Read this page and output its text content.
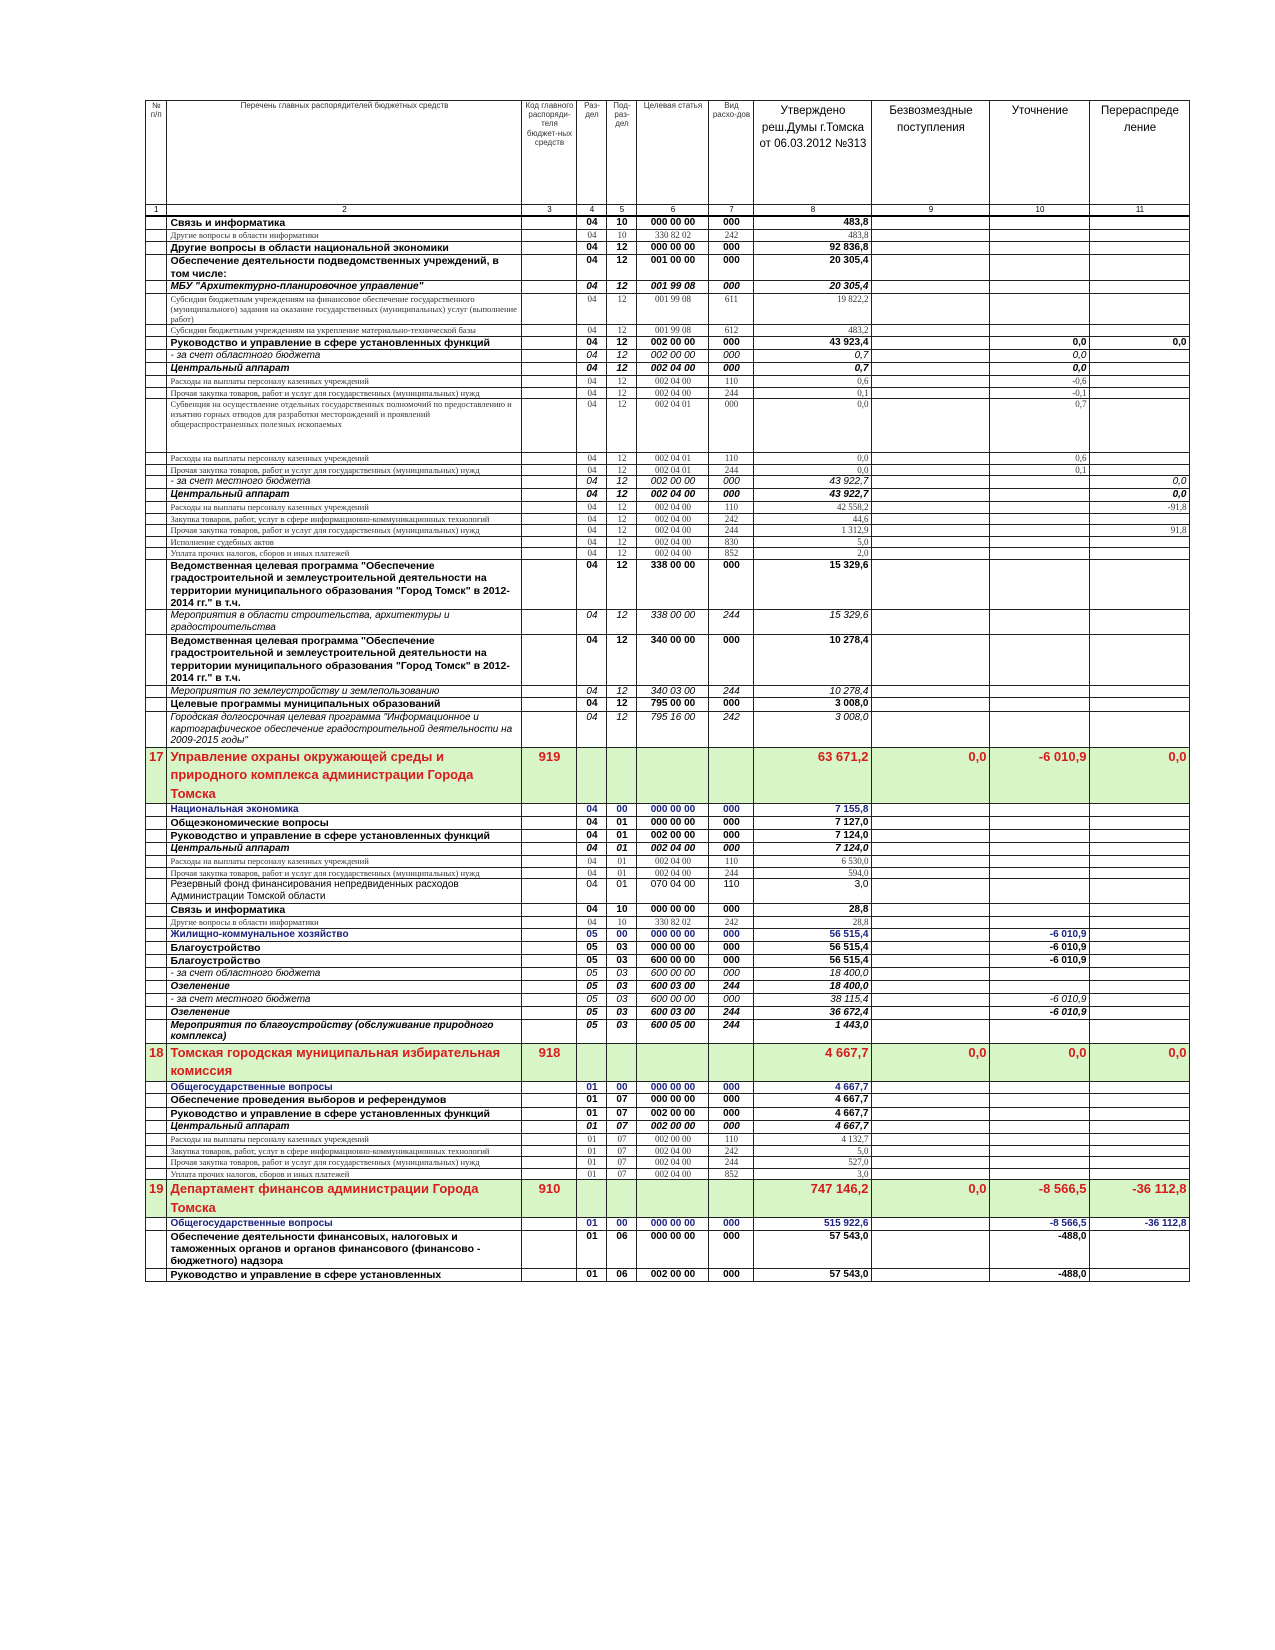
№ п/п	Перечень главных распорядителей бюджетных средств	Код главного распоряди-теля бюджет-ных средств	Раз-дел	Под-раз-дел	Целевая статья	Вид расхо-дов	Утверждено реш.Думы г.Томска от 06.03.2012 №313	Безвозмездные поступления	Уточнение	Перераспреде ление
1	2	3	4	5	6	7	8	9	10	11
	Связь и информатика		04	10	000 00 00	000	483,8			
	Другие вопросы в области информатики		04	10	330 82 02	242	483,8			
	Другие вопросы в области национальной экономики		04	12	000 00 00	000	92 836,8			
	Обеспечение деятельности подведомственных учреждений, в том числе:		04	12	001 00 00	000	20 305,4			
	МБУ "Архитектурно-планировочное управление"		04	12	001 99 08	000	20 305,4			
	Субсидии бюджетным учреждениям на финансовое обеспечение государственного (муниципального) задания на оказание государственных (муниципальных) услуг (выполнение работ)		04	12	001 99 08	611	19 822,2			
	Субсидии бюджетным учреждениям на укрепление материально-технической базы		04	12	001 99 08	612	483,2			
	Руководство и управление в сфере установленных функций		04	12	002 00 00	000	43 923,4		0,0	0,0
	- за счет областного бюджета		04	12	002 00 00	000	0,7		0,0	
	Центральный аппарат		04	12	002 04 00	000	0,7		0,0	
	Расходы на выплаты персоналу казенных учреждений		04	12	002 04 00	110	0,6		-0,6	
	Прочая закупка товаров, работ и услуг для государственных (муниципальных) нужд		04	12	002 04 00	244	0,1		-0,1	
	Субвенция на осуществление отдельных государственных полномочий по предоставлению и изъятию горных отводов для разработки месторождений и проявлений общераспространенных полезных ископаемых		04	12	002 04 01	000	0,0		0,7	
	Расходы на выплаты персоналу казенных учреждений		04	12	002 04 01	110	0,0		0,6	
	Прочая закупка товаров, работ и услуг для государственных (муниципальных) нужд		04	12	002 04 01	244	0,0		0,1	
	- за счет местного бюджета		04	12	002 00 00	000	43 922,7			0,0
	Центральный аппарат		04	12	002 04 00	000	43 922,7			0,0
	Расходы на выплаты персоналу казенных учреждений		04	12	002 04 00	110	42 558,2			-91,8
	Закупка товаров, работ, услуг в сфере информационно-коммуникационных технологий		04	12	002 04 00	242	44,6			
	Прочая закупка товаров, работ и услуг для государственных (муниципальных) нужд		04	12	002 04 00	244	1 312,9			91,8
	Исполнение судебных актов		04	12	002 04 00	830	5,0			
	Уплата прочих налогов, сборов и иных платежей		04	12	002 04 00	852	2,0			
	Ведомственная целевая программа "Обеспечение градостроительной и землеустроительной деятельности на территории муниципального образования "Город Томск" в 2012-2014 гг." в т.ч.		04	12	338 00 00	000	15 329,6			
	Мероприятия в области строительства, архитектуры и градостроительства		04	12	338 00 00	244	15 329,6			
	Ведомственная целевая программа "Обеспечение градостроительной и землеустроительной деятельности на территории муниципального образования "Город Томск" в 2012-2014 гг." в т.ч.		04	12	340 00 00	000	10 278,4			
	Мероприятия по землеустройству и землепользованию		04	12	340 03 00	244	10 278,4			
	Целевые программы муниципальных образований		04	12	795 00 00	000	3 008,0			
	Городская долгосрочная целевая программа "Информационное и картографическое обеспечение градостроительной деятельности на 2009-2015 годы"		04	12	795 16 00	242	3 008,0			
17	Управление охраны окружающей среды и природного комплекса администрации Города Томска	919					63 671,2	0,0	-6 010,9	0,0
	Национальная экономика		04	00	000 00 00	000	7 155,8			
	Общеэкономические вопросы		04	01	000 00 00	000	7 127,0			
	Руководство и управление в сфере установленных функций		04	01	002 00 00	000	7 124,0			
	Центральный аппарат		04	01	002 04 00	000	7 124,0			
	Расходы на выплаты персоналу казенных учреждений		04	01	002 04 00	110	6 530,0			
	Прочая закупка товаров, работ и услуг для государственных (муниципальных) нужд		04	01	002 04 00	244	594,0			
	Резервный фонд финансирования непредвиденных расходов Администрации Томской области		04	01	070 04 00	110	3,0			
	Связь и информатика		04	10	000 00 00	000	28,8			
	Другие вопросы в области информатики		04	10	330 82 02	242	28,8			
	Жилищно-коммунальное хозяйство		05	00	000 00 00	000	56 515,4		-6 010,9	
	Благоустройство		05	03	000 00 00	000	56 515,4		-6 010,9	
	Благоустройство		05	03	600 00 00	000	56 515,4		-6 010,9	
	- за счет областного бюджета		05	03	600 00 00	000	18 400,0			
	Озеленение		05	03	600 03 00	244	18 400,0			
	- за счет местного бюджета		05	03	600 00 00	000	38 115,4		-6 010,9	
	Озеленение		05	03	600 03 00	244	36 672,4		-6 010,9	
	Мероприятия по благоустройству (обслуживание природного комплекса)		05	03	600 05 00	244	1 443,0			
18	Томская городская муниципальная избирательная комиссия	918					4 667,7	0,0	0,0	0,0
	Общегосударственные вопросы		01	00	000 00 00	000	4 667,7			
	Обеспечение проведения выборов и референдумов		01	07	000 00 00	000	4 667,7			
	Руководство и управление в сфере установленных функций		01	07	002 00 00	000	4 667,7			
	Центральный аппарат		01	07	002 00 00	000	4 667,7			
	Расходы на выплаты персоналу казенных учреждений		01	07	002 00 00	110	4 132,7			
	Закупка товаров, работ, услуг в сфере информационно-коммуникационных технологий		01	07	002 04 00	242	5,0			
	Прочая закупка товаров, работ и услуг для государственных (муниципальных) нужд		01	07	002 04 00	244	527,0			
	Уплата прочих налогов, сборов и иных платежей		01	07	002 04 00	852	3,0			
19	Департамент финансов администрации Города Томска	910					747 146,2	0,0	-8 566,5	-36 112,8
	Общегосударственные вопросы		01	00	000 00 00	000	515 922,6		-8 566,5	-36 112,8
	Обеспечение деятельности финансовых, налоговых и таможенных органов и органов финансового (финансово - бюджетного) надзора		01	06	000 00 00	000	57 543,0		-488,0	
	Руководство и управление в сфере установленных		01	06	002 00 00	000	57 543,0		-488,0	
